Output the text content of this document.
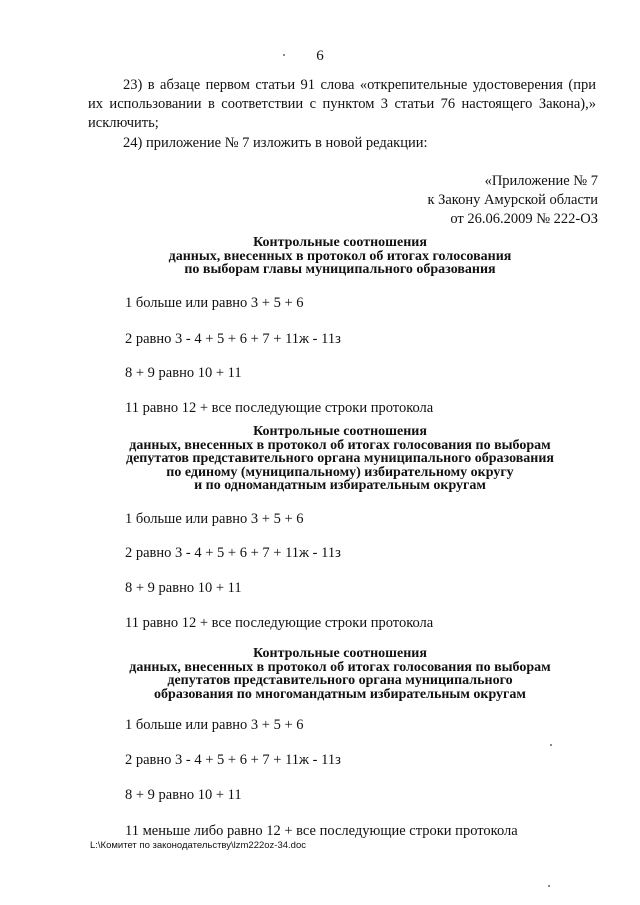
6
23) в абзаце первом статьи 91 слова «открепительные удостоверения (при их использовании в соответствии с пунктом 3 статьи 76 настоящего Закона),» исключить;
24) приложение № 7 изложить в новой редакции:
«Приложение № 7
к Закону Амурской области
от 26.06.2009 № 222-ОЗ
Контрольные соотношения
данных, внесенных в протокол об итогах голосования
по выборам главы муниципального образования
1 больше или равно 3 + 5 + 6
2 равно 3 - 4 + 5 + 6 + 7 + 11ж - 11з
8 + 9 равно 10 + 11
11 равно 12 + все последующие строки протокола
Контрольные соотношения
данных, внесенных в протокол об итогах голосования по выборам
депутатов представительного органа муниципального образования
по единому (муниципальному) избирательному округу
и по одномандатным избирательным округам
1 больше или равно 3 + 5 + 6
2 равно 3 - 4 + 5 + 6 + 7 + 11ж - 11з
8 + 9 равно 10 + 11
11 равно 12 + все последующие строки протокола
Контрольные соотношения
данных, внесенных в протокол об итогах голосования по выборам
депутатов представительного органа муниципального
образования по многомандатным избирательным округам
1 больше или равно 3 + 5 + 6
2 равно 3 - 4 + 5 + 6 + 7 + 11ж - 11з
8 + 9 равно 10 + 11
11 меньше либо равно 12 + все последующие строки протокола
L:\Комитет по законодательству\lzm222oz-34.doc
